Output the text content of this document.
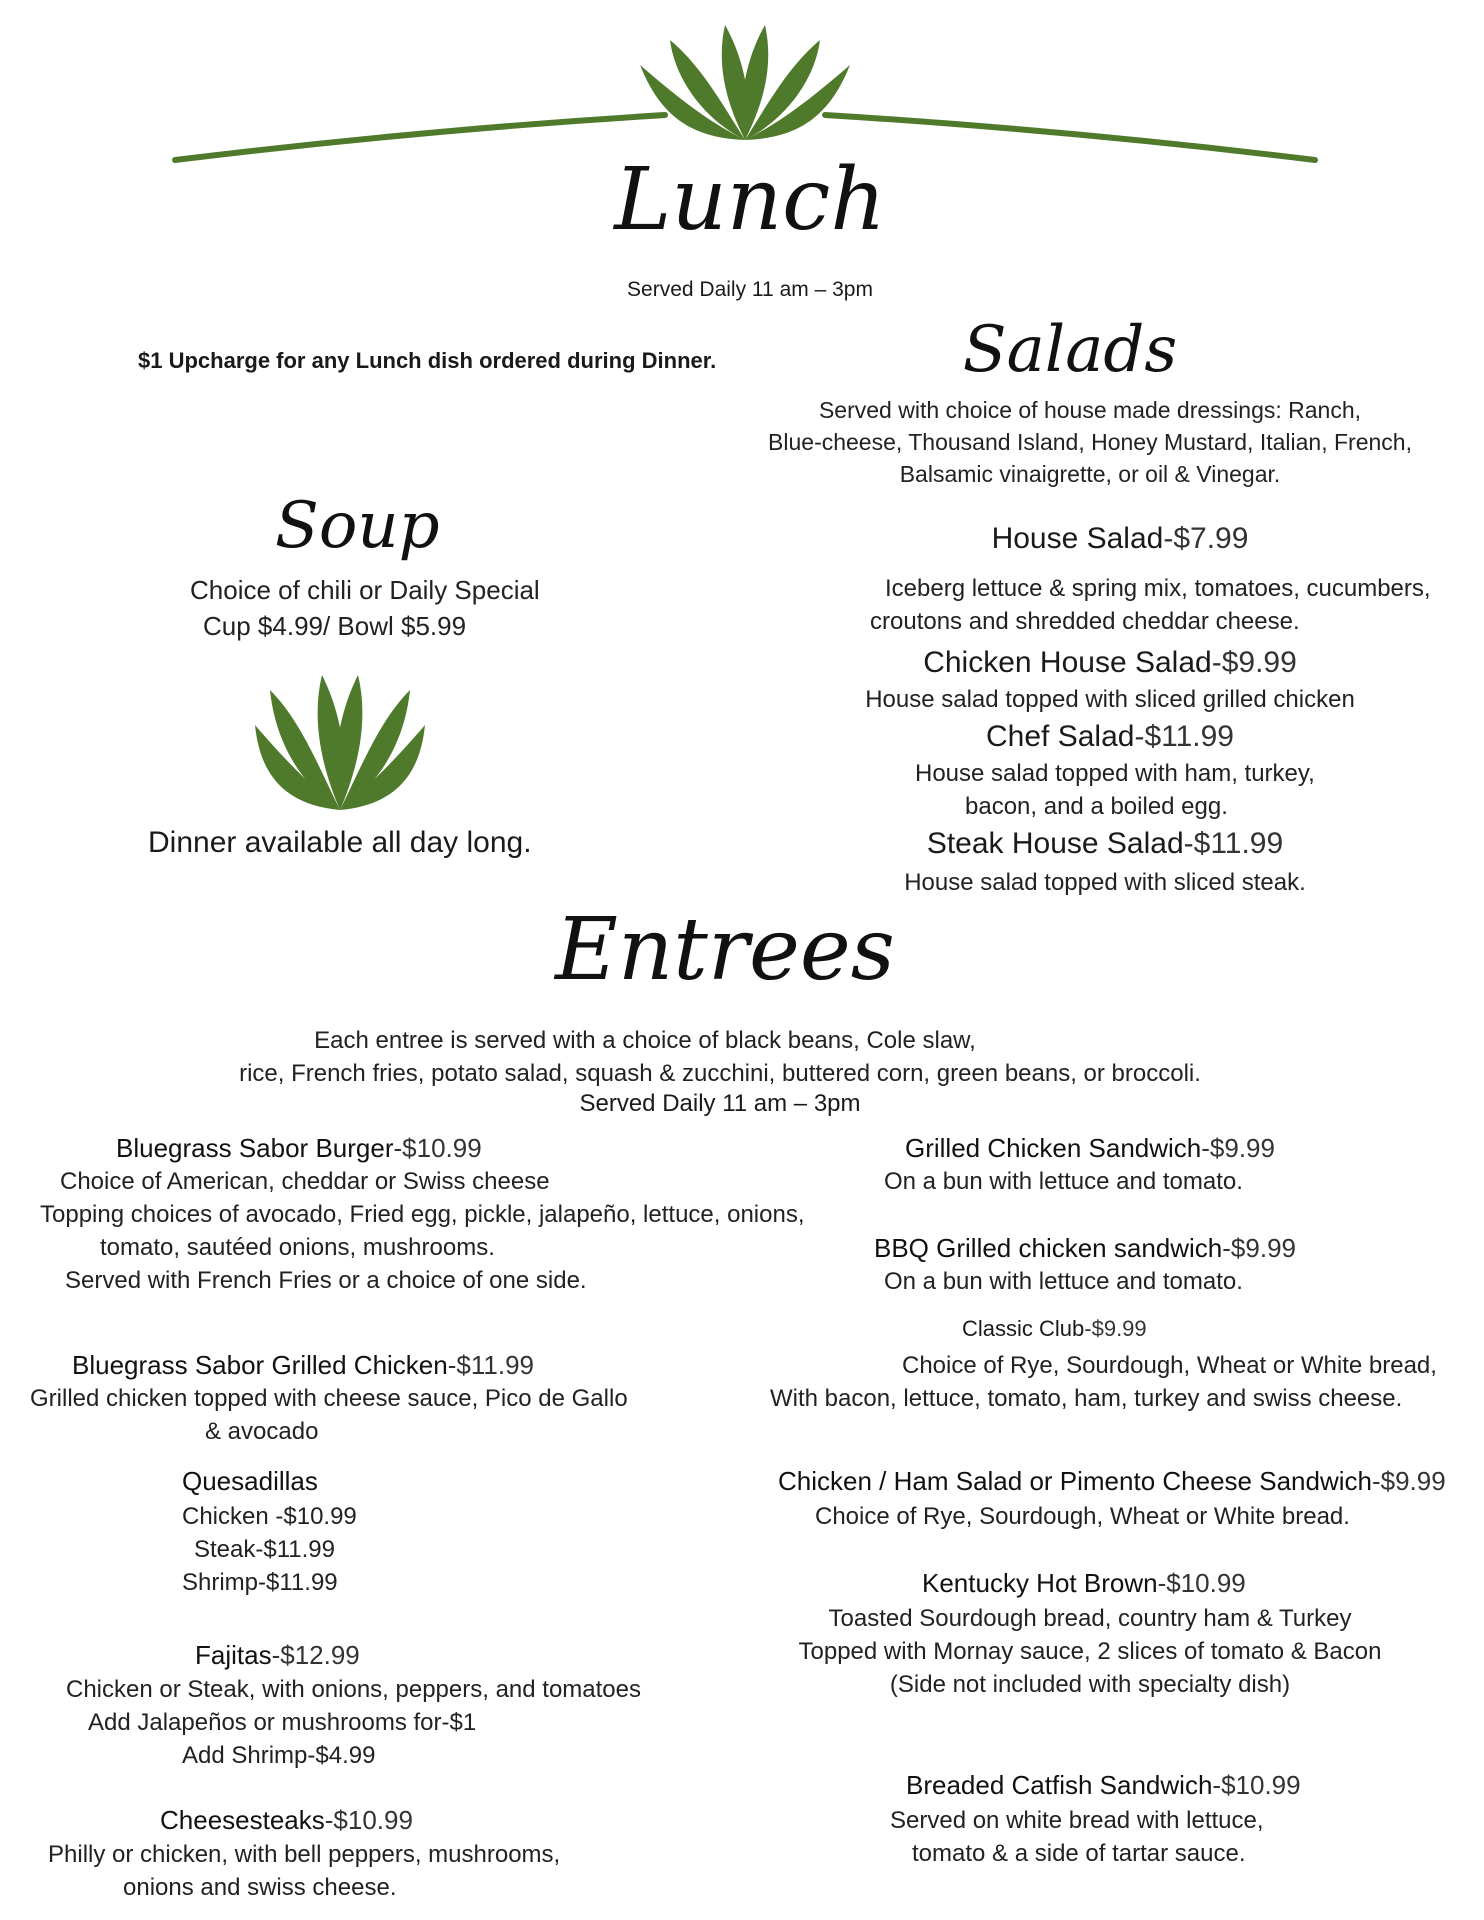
Lunch
Served Daily 11 am – 3pm
$1 Upcharge for any Lunch dish ordered during Dinner.	Salads
Served with choice of house made dressings: Ranch,
Blue-cheese, Thousand Island, Honey Mustard, Italian, French,
Balsamic vinaigrette, or oil & Vinegar.
House Salad-$7.99
Iceberg lettuce & spring mix, tomatoes, cucumbers,
croutons and shredded cheddar cheese.
Chicken House Salad-$9.99
House salad topped with sliced grilled chicken
Chef Salad-$11.99
House salad topped with ham, turkey,
bacon, and a boiled egg.
Steak House Salad-$11.99
House salad topped with sliced steak.
Soup
Choice of chili or Daily Special
Cup $4.99/ Bowl $5.99
Dinner available all day long.
Entrees
Each entree is served with a choice of black beans, Cole slaw,
rice, French fries, potato salad, squash & zucchini, buttered corn, green beans, or broccoli.
Served Daily 11 am – 3pm
Bluegrass Sabor Burger-$10.99
Choice of American, cheddar or Swiss cheese
Topping choices of avocado, Fried egg, pickle, jalapeño, lettuce, onions,
tomato, sautéed onions, mushrooms.
Served with French Fries or a choice of one side.
Bluegrass Sabor Grilled Chicken-$11.99
Grilled chicken topped with cheese sauce, Pico de Gallo
& avocado
Quesadillas
Chicken -$10.99
Steak-$11.99
Shrimp-$11.99
Fajitas-$12.99
Chicken or Steak, with onions, peppers, and tomatoes
Add Jalapeños or mushrooms for-$1
Add Shrimp-$4.99
Cheesesteaks-$10.99
Philly or chicken, with bell peppers, mushrooms,
onions and swiss cheese.
Grilled Chicken Sandwich-$9.99
On a bun with lettuce and tomato.
BBQ Grilled chicken sandwich-$9.99
On a bun with lettuce and tomato.
Classic Club-$9.99
Choice of Rye, Sourdough, Wheat or White bread,
With bacon, lettuce, tomato, ham, turkey and swiss cheese.
Chicken / Ham Salad or Pimento Cheese Sandwich-$9.99
Choice of Rye, Sourdough, Wheat or White bread.
Kentucky Hot Brown-$10.99
Toasted Sourdough bread, country ham & Turkey
Topped with Mornay sauce, 2 slices of tomato & Bacon
(Side not included with specialty dish)
Breaded Catfish Sandwich-$10.99
Served on white bread with lettuce,
tomato & a side of tartar sauce.
